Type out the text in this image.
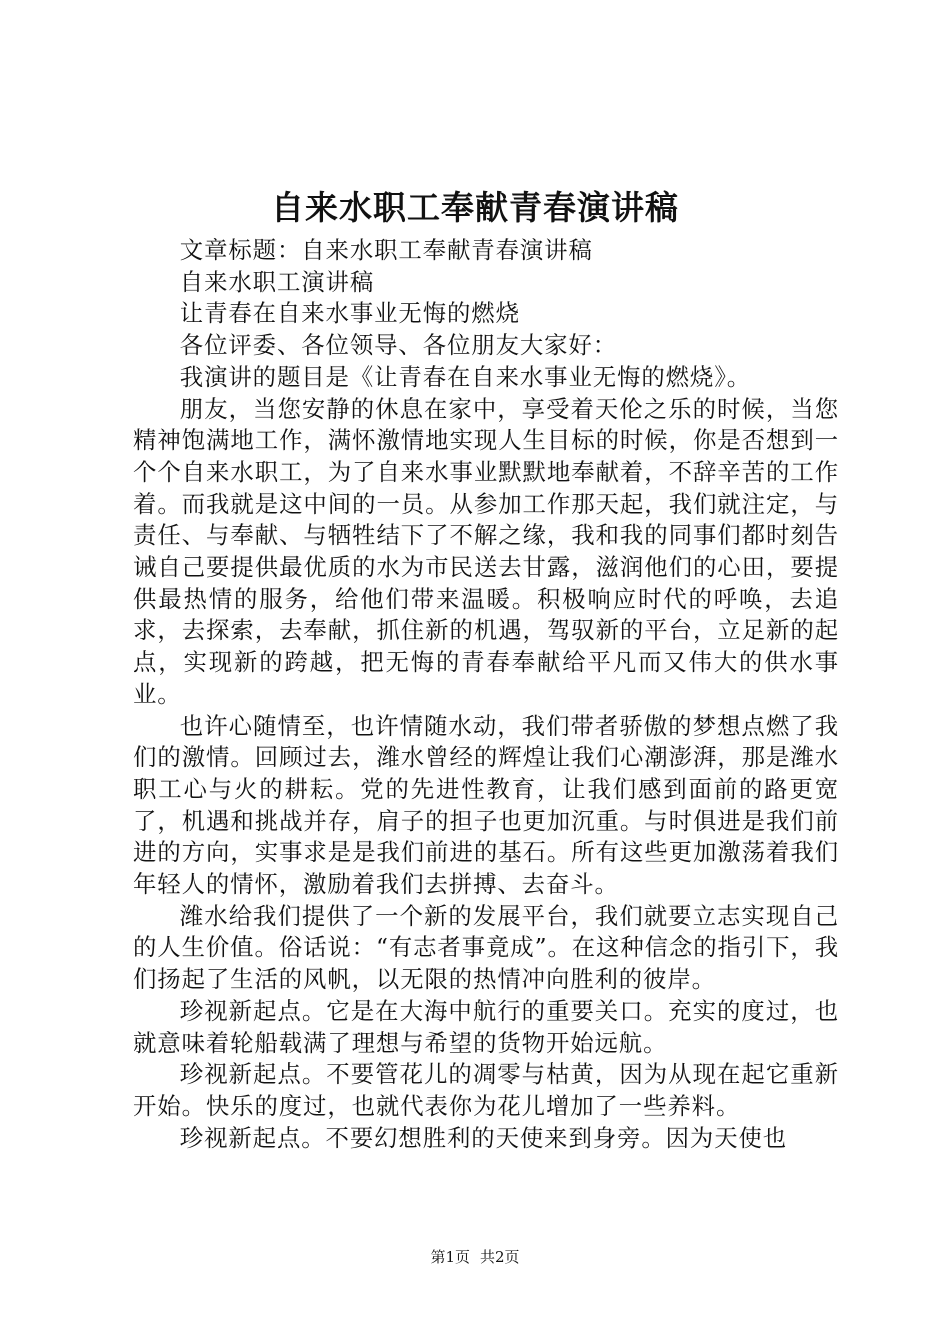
自来水职工奉献青春演讲稿

文章标题：自来水职工奉献青春演讲稿

自来水职工演讲稿

让青春在自来水事业无悔的燃烧

各位评委、各位领导、各位朋友大家好：

我演讲的题目是《让青春在自来水事业无悔的燃烧》。

朋友，当您安静的休息在家中，享受着天伦之乐的时候，当您精神饱满地工作，满怀激情地实现人生目标的时候，你是否想到一个个自来水职工，为了自来水事业默默地奉献着，不辞辛苦的工作着。而我就是这中间的一员。从参加工作那天起，我们就注定，与责任、与奉献、与牺牲结下了不解之缘，我和我的同事们都时刻告诫自己要提供最优质的水为市民送去甘露，滋润他们的心田，要提供最热情的服务，给他们带来温暖。积极响应时代的呼唤，去追求，去探索，去奉献，抓住新的机遇，驾驭新的平台，立足新的起点，实现新的跨越，把无悔的青春奉献给平凡而又伟大的供水事业。

也许心随情至，也许情随水动，我们带者骄傲的梦想点燃了我们的激情。回顾过去，潍水曾经的辉煌让我们心潮澎湃，那是潍水职工心与火的耕耘。党的先进性教育，让我们感到面前的路更宽了，机遇和挑战并存，肩子的担子也更加沉重。与时俱进是我们前进的方向，实事求是是我们前进的基石。所有这些更加激荡着我们年轻人的情怀，激励着我们去拼搏、去奋斗。

潍水给我们提供了一个新的发展平台，我们就要立志实现自己的人生价值。俗话说：“有志者事竟成”。在这种信念的指引下，我们扬起了生活的风帆，以无限的热情冲向胜利的彼岸。

珍视新起点。它是在大海中航行的重要关口。充实的度过，也就意味着轮船载满了理想与希望的货物开始远航。

珍视新起点。不要管花儿的凋零与枯黄，因为从现在起它重新开始。快乐的度过，也就代表你为花儿增加了一些养料。

珍视新起点。不要幻想胜利的天使来到身旁。因为天使也

第1页 共2页
